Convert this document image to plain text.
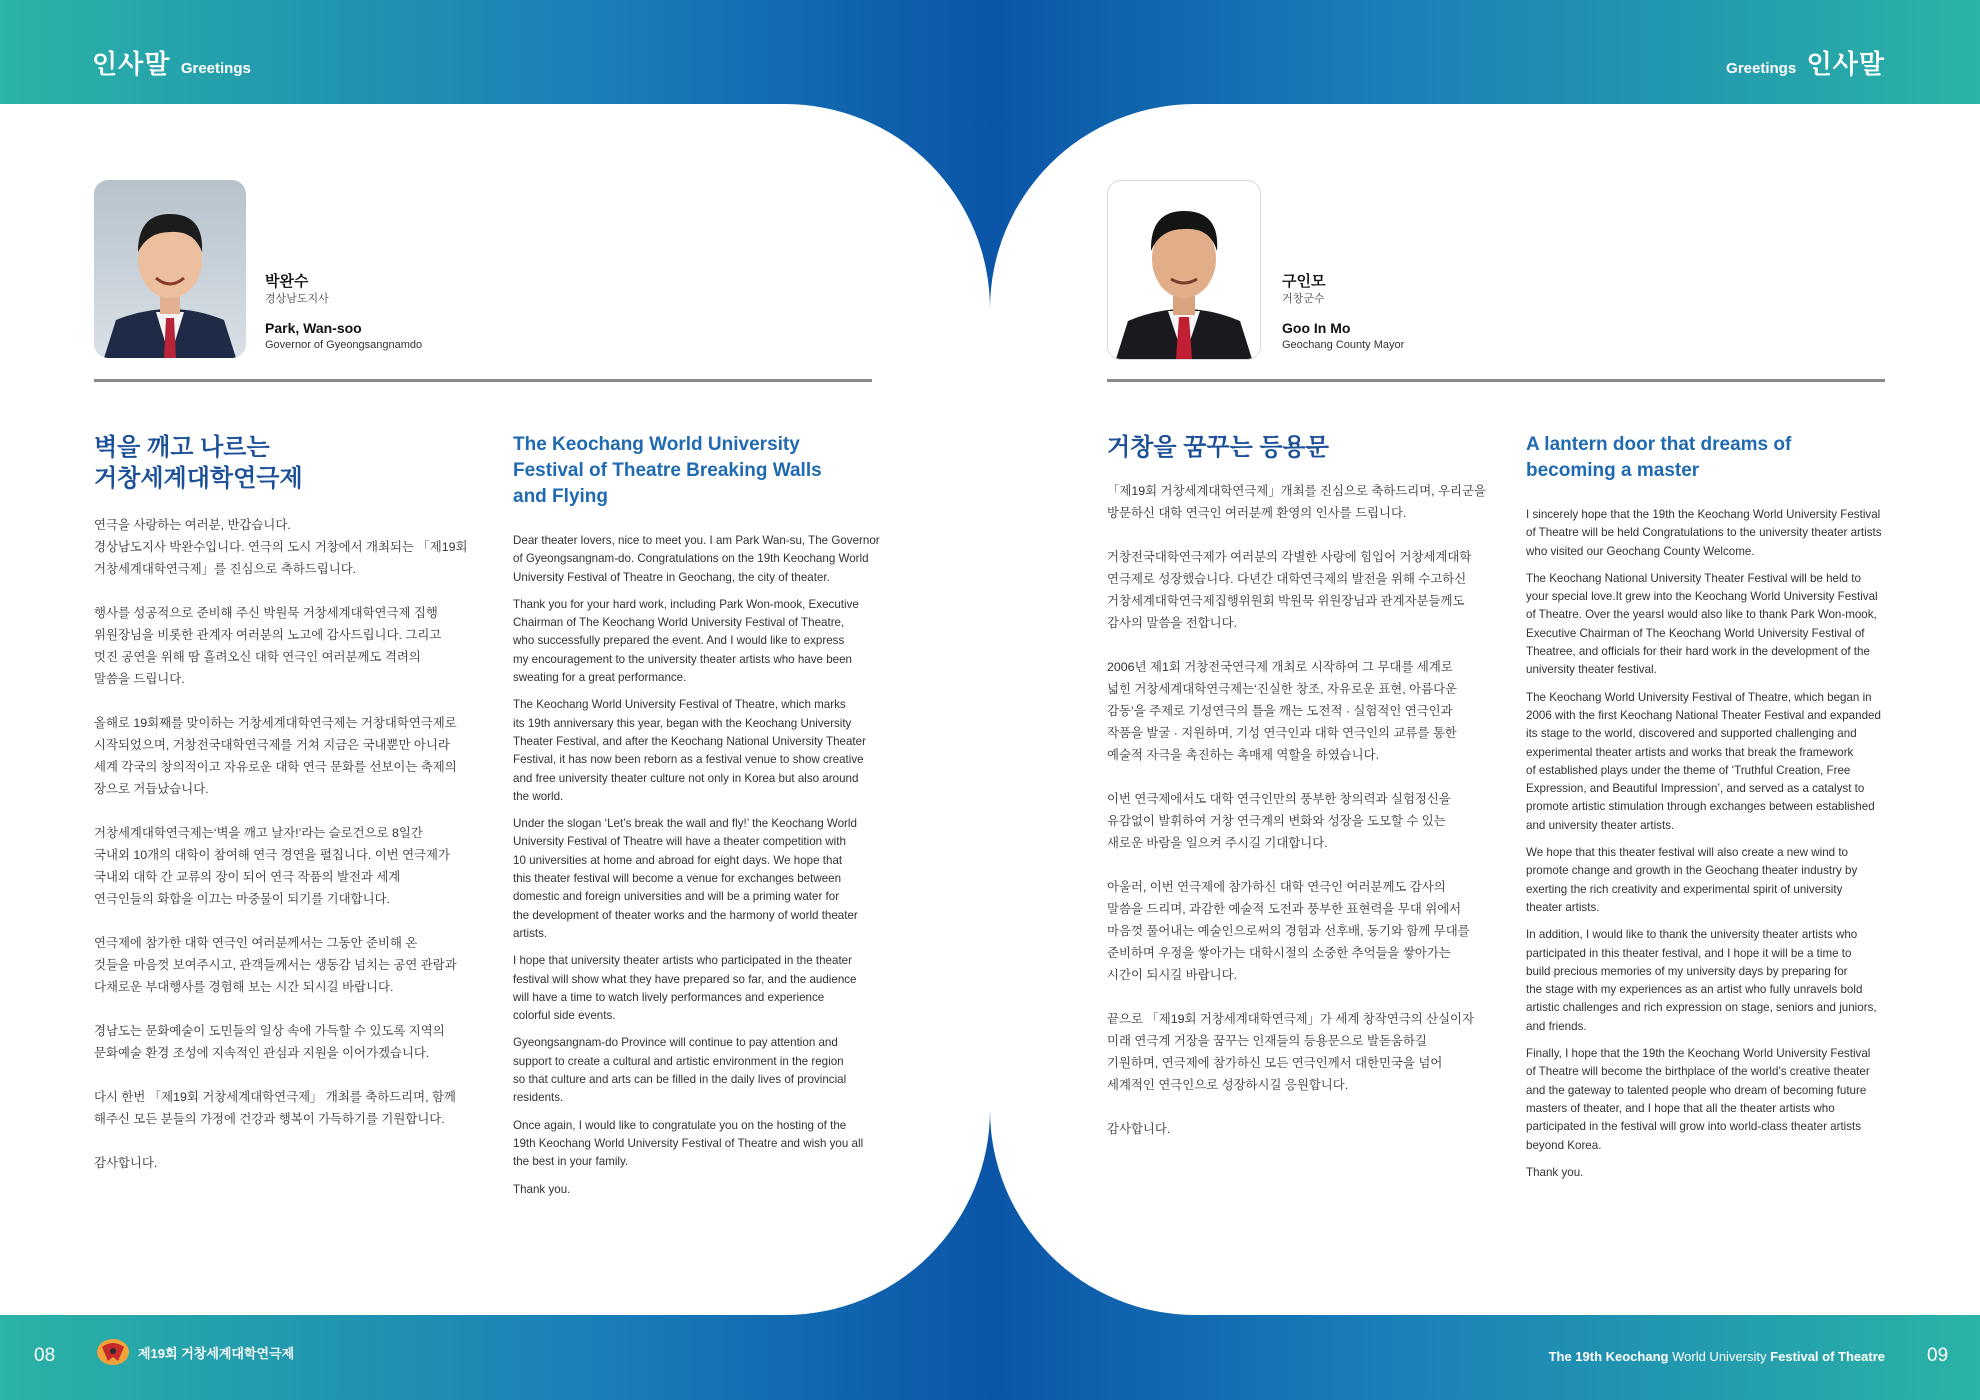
인사말 Greetings	Greetings 인사말
박완수
경상남도지사
Park, Wan-soo
Governor of Gyeongsangnamdo
벽을 깨고 나르는
거창세계대학연극제

연극을 사랑하는 여러분, 반갑습니다.
경상남도지사 박완수입니다. 연극의 도시 거창에서 개최되는 「제19회
거창세계대학연극제」를 진심으로 축하드립니다.

행사를 성공적으로 준비해 주신 박원묵 거창세계대학연극제 집행
위원장님을 비롯한 관계자 여러분의 노고에 감사드립니다. 그리고
멋진 공연을 위해 땀 흘려오신 대학 연극인 여러분께도 격려의
말씀을 드립니다.

올해로 19회째를 맞이하는 거창세계대학연극제는 거창대학연극제로
시작되었으며, 거창전국대학연극제를 거쳐 지금은 국내뿐만 아니라
세계 각국의 창의적이고 자유로운 대학 연극 문화를 선보이는 축제의
장으로 거듭났습니다.

거창세계대학연극제는‘벽을 깨고 날자!’라는 슬로건으로 8일간
국내외 10개의 대학이 참여해 연극 경연을 펼칩니다. 이번 연극제가
국내외 대학 간 교류의 장이 되어 연극 작품의 발전과 세계
연극인들의 화합을 이끄는 마중물이 되기를 기대합니다.

연극제에 참가한 대학 연극인 여러분께서는 그동안 준비해 온
것들을 마음껏 보여주시고, 관객들께서는 생동감 넘치는 공연 관람과
다채로운 부대행사를 경험해 보는 시간 되시길 바랍니다.

경남도는 문화예술이 도민들의 일상 속에 가득할 수 있도록 지역의
문화예술 환경 조성에 지속적인 관심과 지원을 이어가겠습니다.

다시 한번 「제19회 거창세계대학연극제」 개최를 축하드리며, 함께
해주신 모든 분들의 가정에 건강과 행복이 가득하기를 기원합니다.

감사합니다.

The Keochang World University
Festival of Theatre Breaking Walls
and Flying

Dear theater lovers, nice to meet you. I am Park Wan-su, The Governor
of Gyeongsangnam-do. Congratulations on the 19th Keochang World
University Festival of Theatre in Geochang, the city of theater.

Thank you for your hard work, including Park Won-mook, Executive
Chairman of The Keochang World University Festival of Theatre,
who successfully prepared the event. And I would like to express
my encouragement to the university theater artists who have been
sweating for a great performance.

The Keochang World University Festival of Theatre, which marks
its 19th anniversary this year, began with the Keochang University
Theater Festival, and after the Keochang National University Theater
Festival, it has now been reborn as a festival venue to show creative
and free university theater culture not only in Korea but also around
the world.

Under the slogan ‘Let’s break the wall and fly!’ the Keochang World
University Festival of Theatre will have a theater competition with
10 universities at home and abroad for eight days. We hope that
this theater festival will become a venue for exchanges between
domestic and foreign universities and will be a priming water for
the development of theater works and the harmony of world theater
artists.

I hope that university theater artists who participated in the theater
festival will show what they have prepared so far, and the audience
will have a time to watch lively performances and experience
colorful side events.

Gyeongsangnam-do Province will continue to pay attention and
support to create a cultural and artistic environment in the region
so that culture and arts can be filled in the daily lives of provincial
residents.

Once again, I would like to congratulate you on the hosting of the
19th Keochang World University Festival of Theatre and wish you all
the best in your family.

Thank you.

구인모
거창군수
Goo In Mo
Geochang County Mayor
거창을 꿈꾸는 등용문

「제19회 거창세계대학연극제」개최를 진심으로 축하드리며, 우리군을
방문하신 대학 연극인 여러분께 환영의 인사를 드립니다.

거창전국대학연극제가 여러분의 각별한 사랑에 힘입어 거창세계대학
연극제로 성장했습니다. 다년간 대학연극제의 발전을 위해 수고하신
거창세계대학연극제집행위원회 박원묵 위원장님과 관계자분들께도
감사의 말씀을 전합니다.

2006년 제1회 거창전국연극제 개최로 시작하여 그 무대를 세계로
넓힌 거창세계대학연극제는‘진실한 창조, 자유로운 표현, 아름다운
감동’을 주제로 기성연극의 틀을 깨는 도전적 · 실험적인 연극인과
작품을 발굴 · 지원하며, 기성 연극인과 대학 연극인의 교류를 통한
예술적 자극을 촉진하는 촉매제 역할을 하였습니다.

이번 연극제에서도 대학 연극인만의 풍부한 창의력과 실험정신을
유감없이 발휘하여 거창 연극계의 변화와 성장을 도모할 수 있는
새로운 바람을 일으켜 주시길 기대합니다.

아울러, 이번 연극제에 참가하신 대학 연극인 여러분께도 감사의
말씀을 드리며, 과감한 예술적 도전과 풍부한 표현력을 무대 위에서
마음껏 풀어내는 예술인으로써의 경험과 선후배, 동기와 함께 무대를
준비하며 우정을 쌓아가는 대학시절의 소중한 추억들을 쌓아가는
시간이 되시길 바랍니다.

끝으로 「제19회 거창세계대학연극제」가 세계 창작연극의 산실이자
미래 연극계 거장을 꿈꾸는 인재들의 등용문으로 발돋움하길
기원하며, 연극제에 참가하신 모든 연극인께서 대한민국을 넘어
세계적인 연극인으로 성장하시길 응원합니다.

감사합니다.

A lantern door that dreams of
becoming a master

I sincerely hope that the 19th the Keochang World University Festival
of Theatre will be held Congratulations to the university theater artists
who visited our Geochang County Welcome.

The Keochang National University Theater Festival will be held to
your special love.It grew into the Keochang World University Festival
of Theatre. Over the yearsI would also like to thank Park Won-mook,
Executive Chairman of The Keochang World University Festival of
Theatree, and officials for their hard work in the development of the
university theater festival.

The Keochang World University Festival of Theatre, which began in
2006 with the first Keochang National Theater Festival and expanded
its stage to the world, discovered and supported challenging and
experimental theater artists and works that break the framework
of established plays under the theme of ‘Truthful Creation, Free
Expression, and Beautiful Impression’, and served as a catalyst to
promote artistic stimulation through exchanges between established
and university theater artists.

We hope that this theater festival will also create a new wind to
promote change and growth in the Geochang theater industry by
exerting the rich creativity and experimental spirit of university
theater artists.

In addition, I would like to thank the university theater artists who
participated in this theater festival, and I hope it will be a time to
build precious memories of my university days by preparing for
the stage with my experiences as an artist who fully unravels bold
artistic challenges and rich expression on stage, seniors and juniors,
and friends.

Finally, I hope that the 19th the Keochang World University Festival
of Theatre will become the birthplace of the world’s creative theater
and the gateway to talented people who dream of becoming future
masters of theater, and I hope that all the theater artists who
participated in the festival will grow into world-class theater artists
beyond Korea.

Thank you.

08	제19회 거창세계대학연극제	The 19th Keochang World University Festival of Theatre 09
